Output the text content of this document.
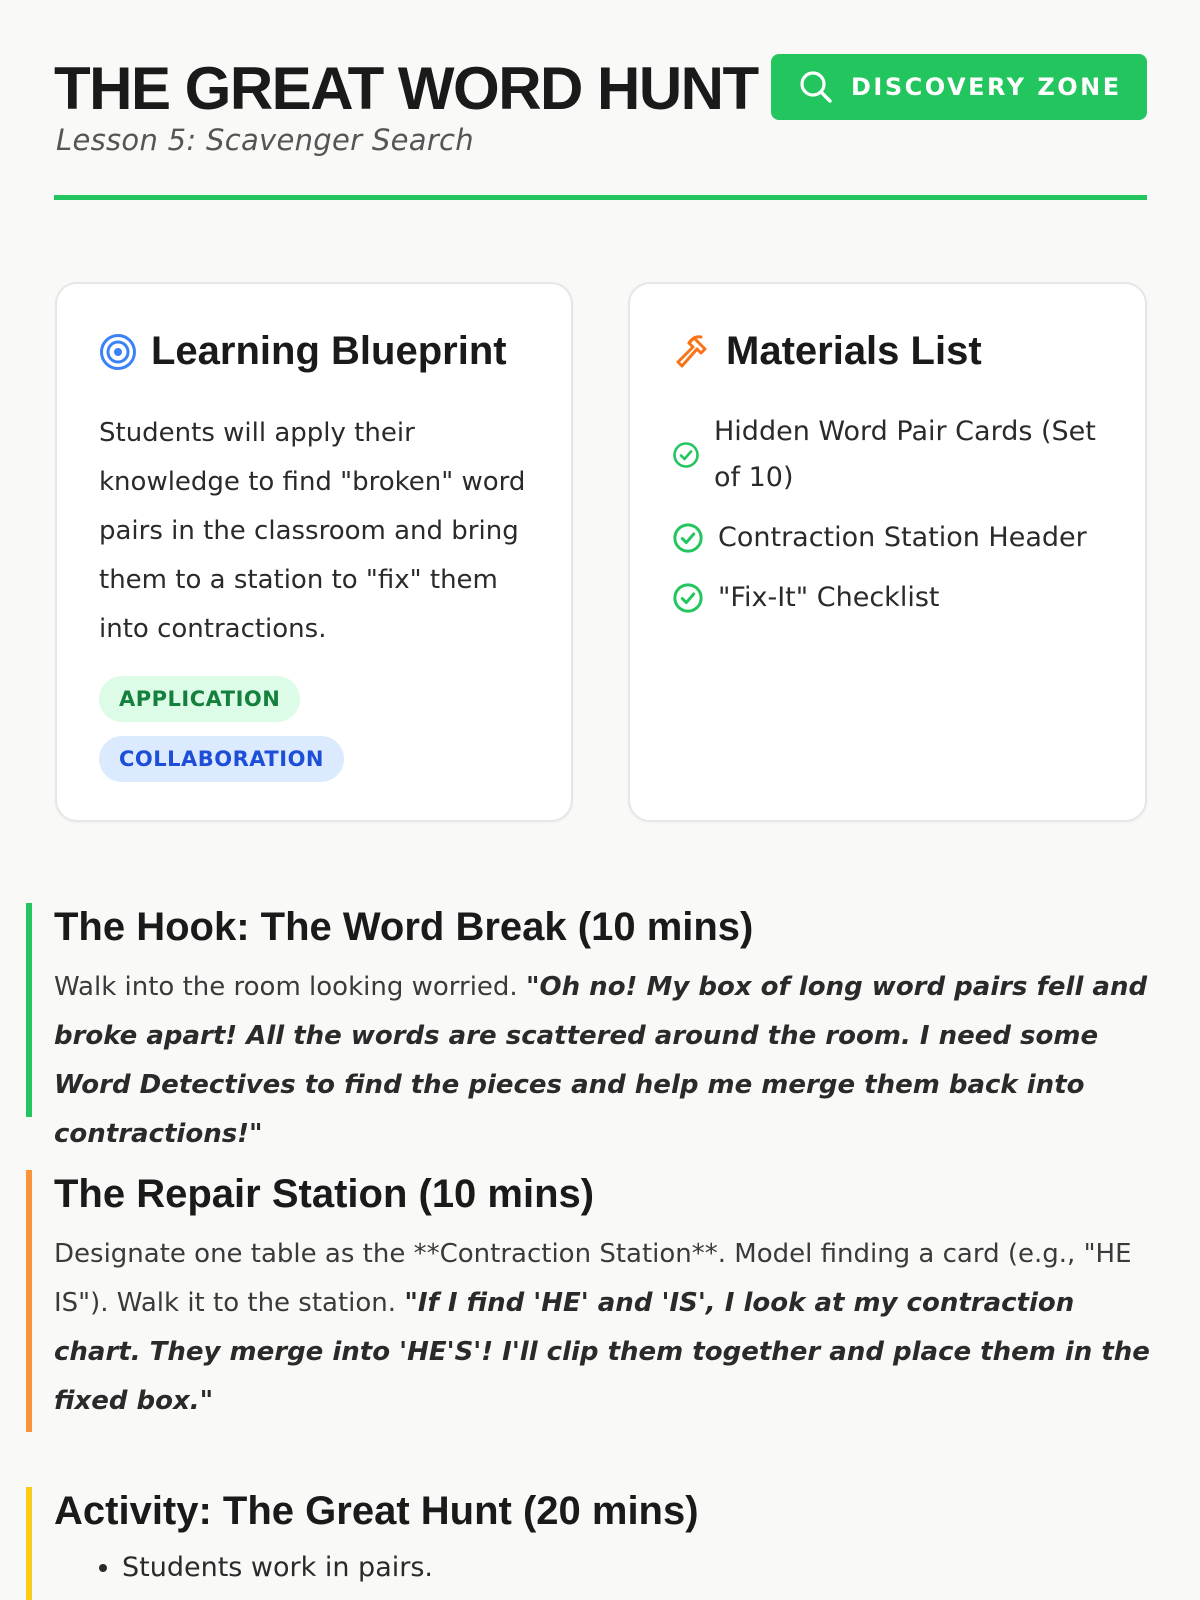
THE GREAT WORD HUNT
Lesson 5: Scavenger Search
DISCOVERY ZONE
Learning Blueprint
Students will apply their knowledge to find "broken" word pairs in the classroom and bring them to a station to "fix" them into contractions.
APPLICATION
COLLABORATION
Materials List
Hidden Word Pair Cards (Set of 10)
Contraction Station Header
"Fix-It" Checklist
The Hook: The Word Break (10 mins)

Walk into the room looking worried. "Oh no! My box of long word pairs fell and broke apart! All the words are scattered around the room. I need some Word Detectives to find the pieces and help me merge them back into contractions!"

The Repair Station (10 mins)

Designate one table as the **Contraction Station**. Model finding a card (e.g., "HE IS"). Walk it to the station. "If I find 'HE' and 'IS', I look at my contraction chart. They merge into 'HE'S'! I'll clip them together and place them in the fixed box."

Activity: The Great Hunt (20 mins)
• Students work in pairs.
